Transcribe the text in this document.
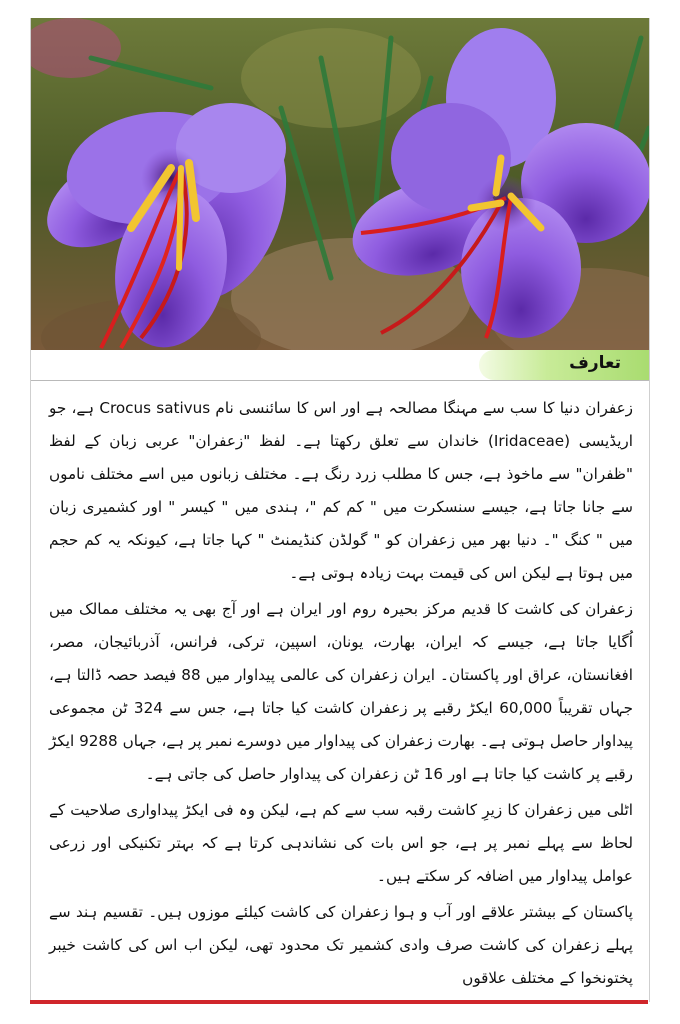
تعارف

زعفران دنیا کا سب سے مہنگا مصالحہ ہے اور اس کا سائنسی نام Crocus sativus ہے، جو اریڈیسی (Iridaceae) خاندان سے تعلق رکھتا ہے۔ لفظ "زعفران" عربی زبان کے لفظ "ظفران" سے ماخوذ ہے، جس کا مطلب زرد رنگ ہے۔ مختلف زبانوں میں اسے مختلف ناموں سے جانا جاتا ہے، جیسے سنسکرت میں " کم کم "، ہندی میں " کیسر " اور کشمیری زبان میں " کنگ "۔ دنیا بھر میں زعفران کو " گولڈن کنڈیمنٹ " کہا جاتا ہے، کیونکہ یہ کم حجم میں ہوتا ہے لیکن اس کی قیمت بہت زیادہ ہوتی ہے۔

زعفران کی کاشت کا قدیم مرکز بحیرہ روم اور ایران ہے اور آج بھی یہ مختلف ممالک میں اُگایا جاتا ہے، جیسے کہ ایران، بھارت، یونان، اسپین، ترکی، فرانس، آذربائیجان، مصر، افغانستان، عراق اور پاکستان۔ ایران زعفران کی عالمی پیداوار میں 88 فیصد حصہ ڈالتا ہے، جہاں تقریباً 60,000 ایکڑ رقبے پر زعفران کاشت کیا جاتا ہے، جس سے 324 ٹن مجموعی پیداوار حاصل ہوتی ہے۔ بھارت زعفران کی پیداوار میں دوسرے نمبر پر ہے، جہاں 9288 ایکڑ رقبے پر کاشت کیا جاتا ہے اور 16 ٹن زعفران کی پیداوار حاصل کی جاتی ہے۔

اٹلی میں زعفران کا زیرِ کاشت رقبہ سب سے کم ہے، لیکن وہ فی ایکڑ پیداواری صلاحیت کے لحاظ سے پہلے نمبر پر ہے، جو اس بات کی نشاندہی کرتا ہے کہ بہتر تکنیکی اور زرعی عوامل پیداوار میں اضافہ کر سکتے ہیں۔

پاکستان کے بیشتر علاقے اور آب و ہوا زعفران کی کاشت کیلئے موزوں ہیں۔ تقسیم ہند سے پہلے زعفران کی کاشت صرف وادی کشمیر تک محدود تھی، لیکن اب اس کی کاشت خیبر پختونخوا کے مختلف علاقوں
